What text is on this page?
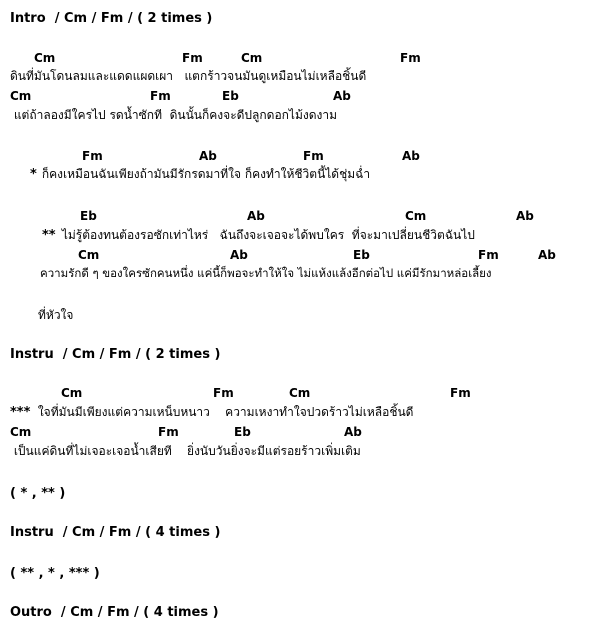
Intro  / Cm / Fm / ( 2 times )
Cm	Fm	Cm	Fm
ดินที่มันโดนลมและแดดแผดเผา   แตกร้าวจนมันดูเหมือนไม่เหลือชิ้นดี
Cm	Fm	Eb	Ab
แต่ถ้าลองมีใครไป รดน้ำซักที  ดินนั้นก็คงจะดีปลูกดอกไม้งดงาม
Fm	Ab	Fm	Ab
* ก็คงเหมือนฉันเพียงถ้ามันมีรักรดมาที่ใจ ก็คงทำให้ชีวิตนี้ได้ชุ่มฉ่ำ
Eb	Ab	Cm	Ab
** ไม่รู้ต้องทนต้องรอซักเท่าไหร่   ฉันถึงจะเจอจะได้พบใคร  ที่จะมาเปลี่ยนชีวิตฉันไป
Cm	Ab	Eb	Fm	Ab
ความรักดี ๆ ของใครซักคนหนึ่ง แค่นี้ก็พอจะทำให้ใจ ไม่แห้งแล้งอีกต่อไป แค่มีรักมาหล่อเลี้ยง
ที่หัวใจ
Instru  / Cm / Fm / ( 2 times )
Cm	Fm	Cm	Fm
*** ใจที่มันมีเพียงแต่ความเหน็บหนาว    ความเหงาทำใจปวดร้าวไม่เหลือชิ้นดี
Cm	Fm	Eb	Ab
เป็นแค่ดินที่ไม่เจอะเจอน้ำเสียที    ยิ่งนับวันยิ่งจะมีแต่รอยร้าวเพิ่มเติม
( * , ** )
Instru  / Cm / Fm / ( 4 times )
( ** , * , *** )
Outro  / Cm / Fm / ( 4 times )
